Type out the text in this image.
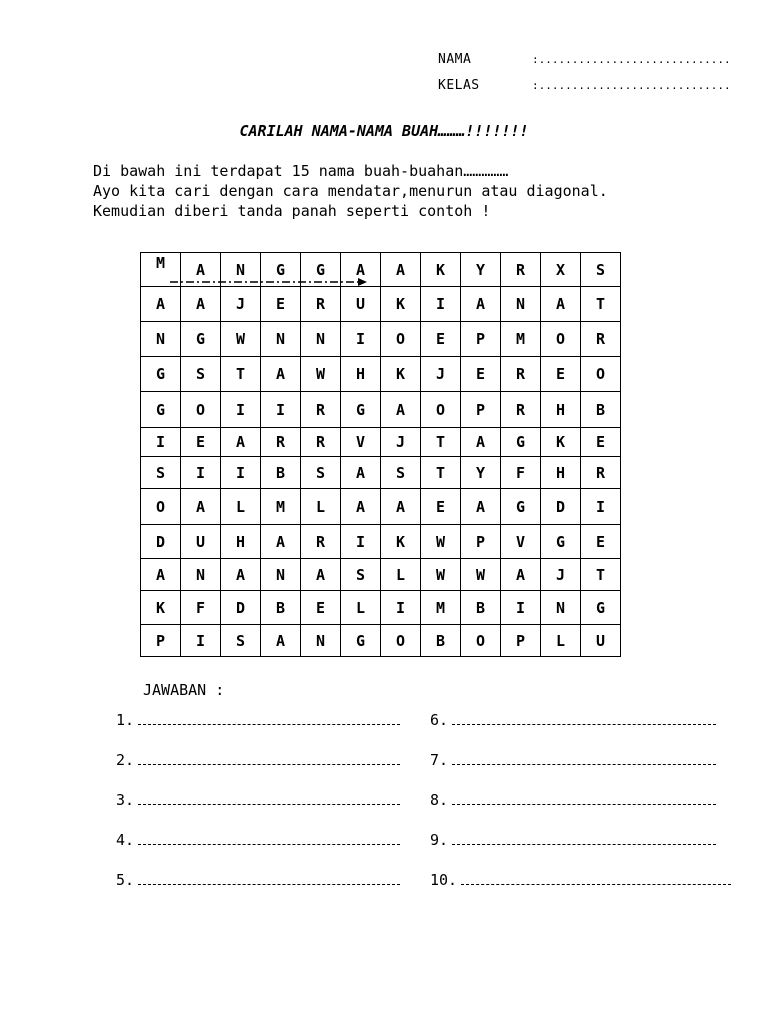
NAMA	:.............................
KELAS	:.............................
CARILAH NAMA-NAMA BUAH………!!!!!!!
Di bawah ini terdapat 15 nama buah-buahan……………
Ayo kita cari dengan cara mendatar,menurun atau diagonal.
Kemudian diberi tanda panah seperti contoh !
M	A	N	G	G	A	A	K	Y	R	X	S
A	A	J	E	R	U	K	I	A	N	A	T
N	G	W	N	N	I	O	E	P	M	O	R
G	S	T	A	W	H	K	J	E	R	E	O
G	O	I	I	R	G	A	O	P	R	H	B
I	E	A	R	R	V	J	T	A	G	K	E
S	I	I	B	S	A	S	T	Y	F	H	R
O	A	L	M	L	A	A	E	A	G	D	I
D	U	H	A	R	I	K	W	P	V	G	E
A	N	A	N	A	S	L	W	W	A	J	T
K	F	D	B	E	L	I	M	B	I	N	G
P	I	S	A	N	G	O	B	O	P	L	U
JAWABAN :
1.
2.
3.
4.
5.
6.
7.
8.
9.
10.
